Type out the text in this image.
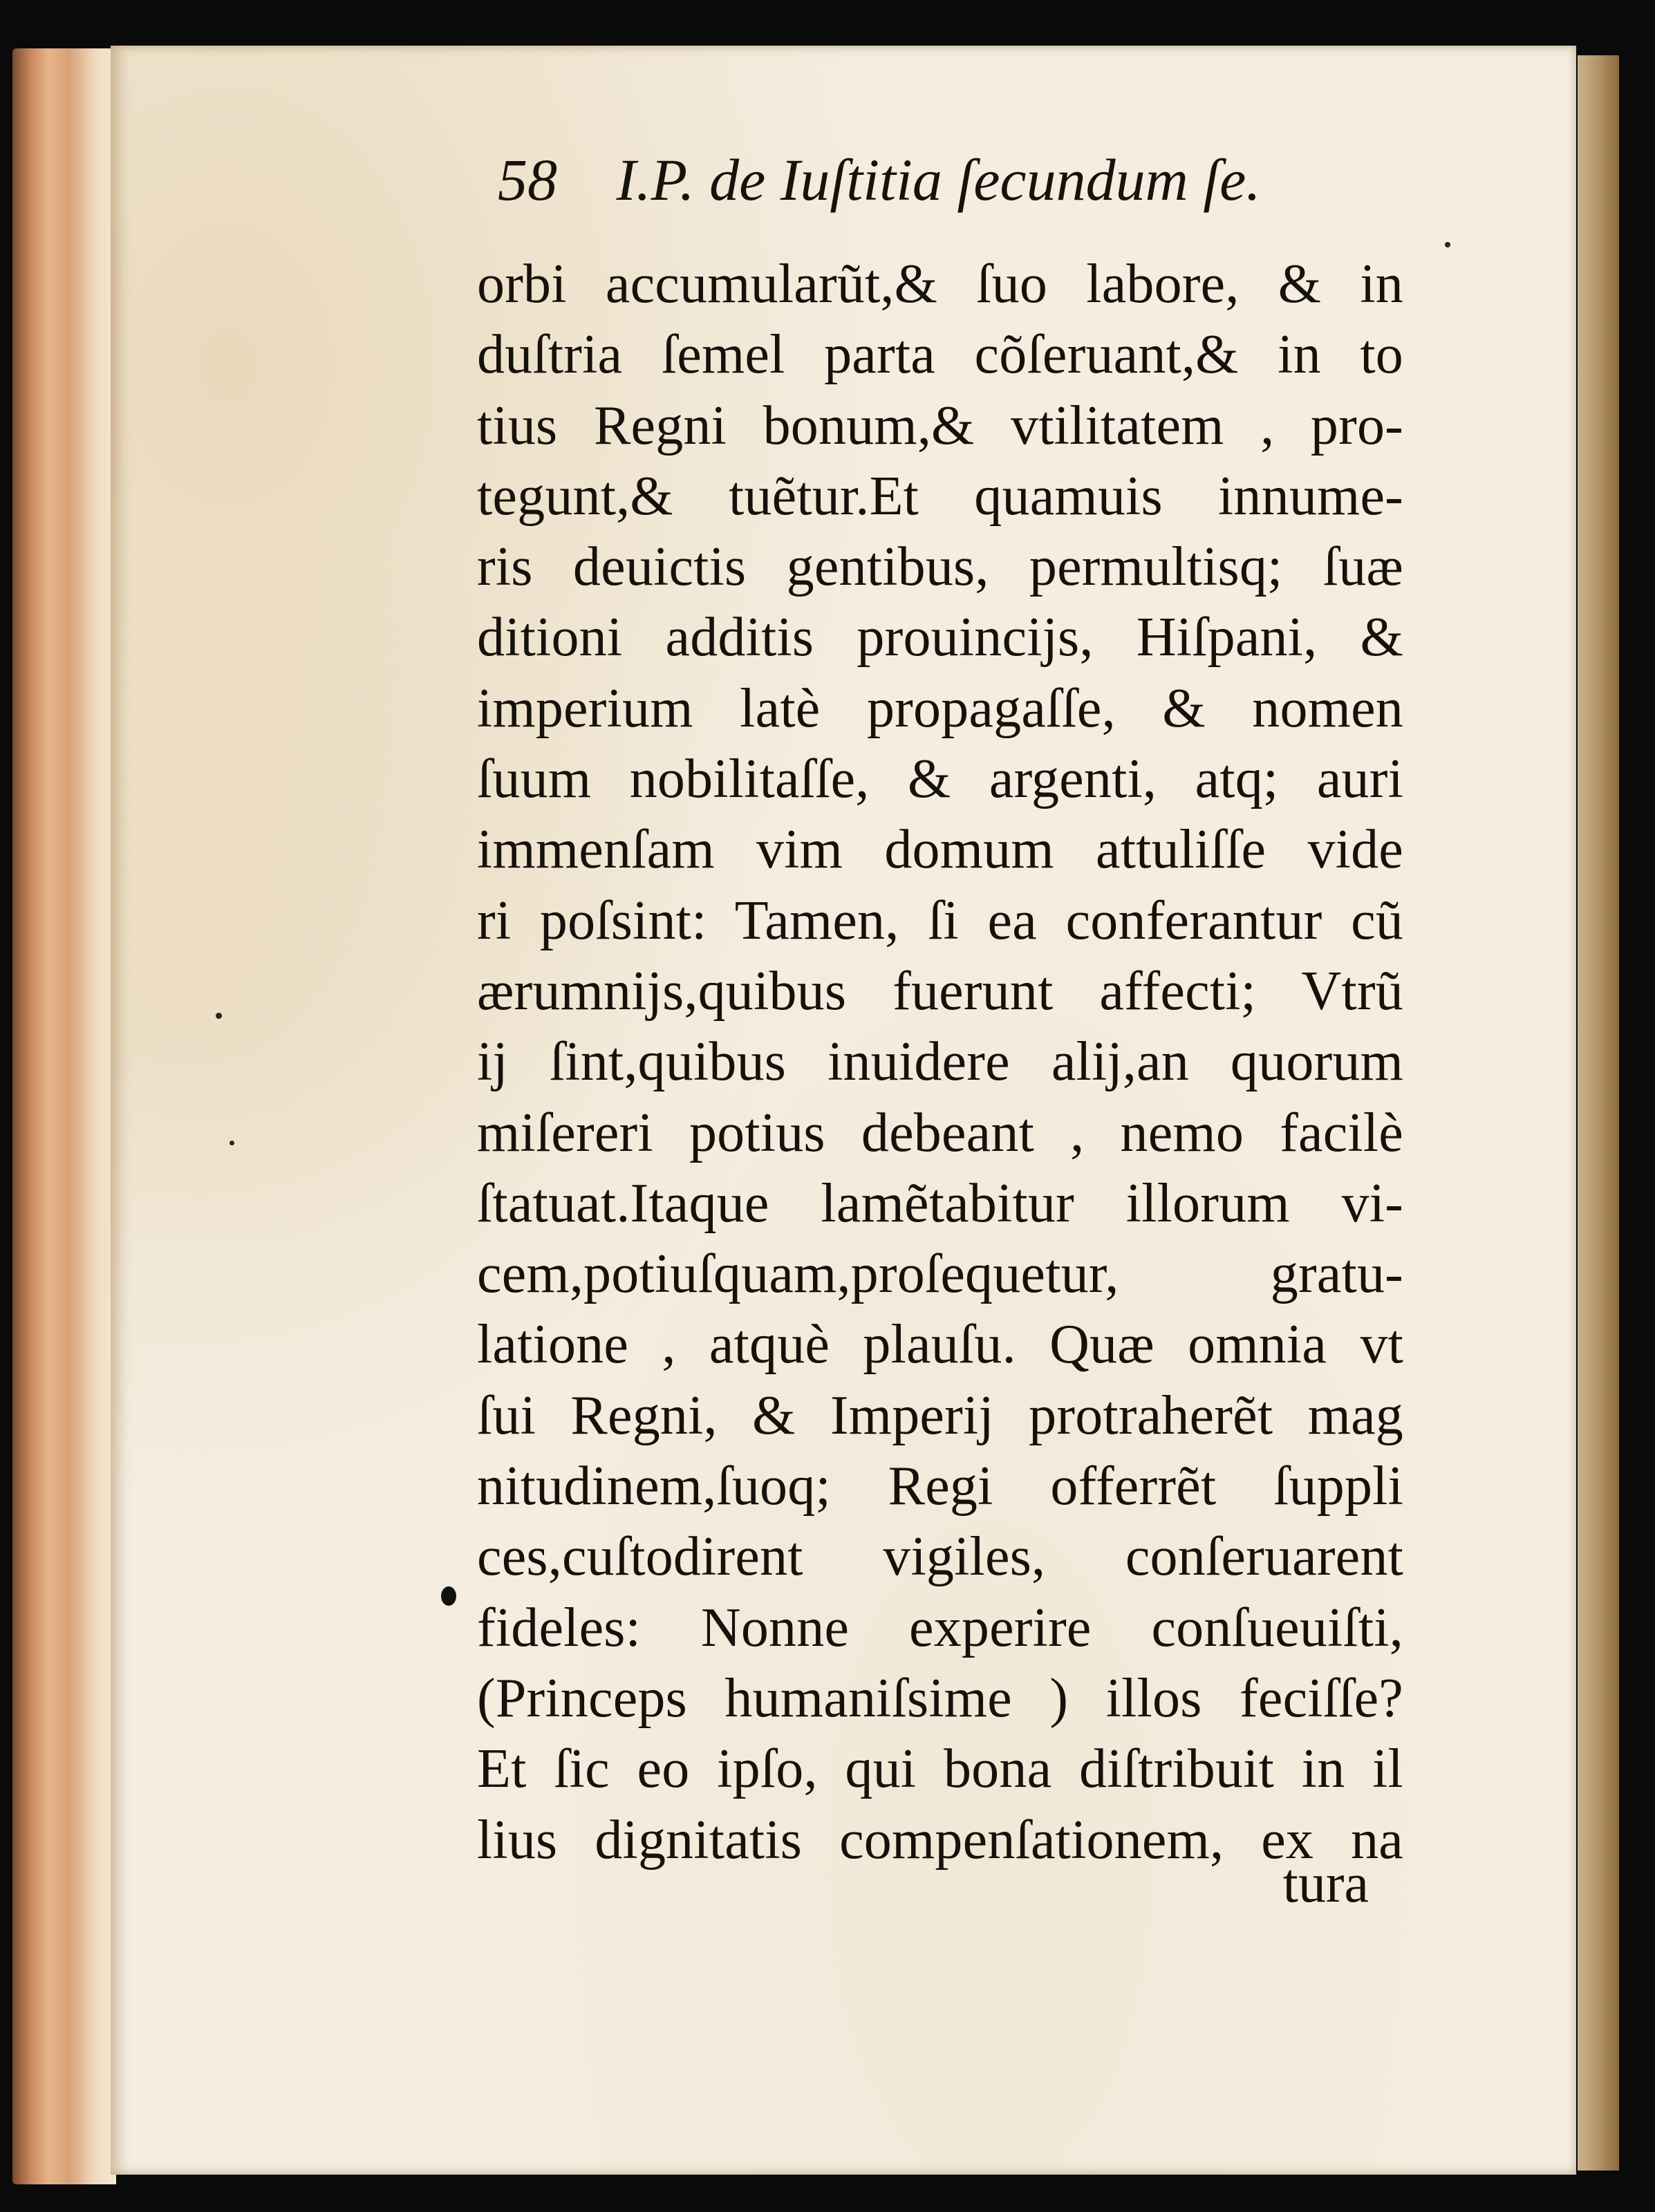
58 I.P. de Iuſtitia ſecundum ſe.
orbi accumularũt,& ſuo labore, & in
duſtria ſemel parta cõſeruant,& in to
tius Regni bonum,& vtilitatem , pro-
tegunt,& tuẽtur.Et quamuis innume-
ris deuictis gentibus, permultisq; ſuæ
ditioni additis prouincijs, Hiſpani, &
imperium latè propagaſſe, & nomen
ſuum nobilitaſſe, & argenti, atq; auri
immenſam vim domum attuliſſe vide
ri poſsint: Tamen, ſi ea conferantur cũ
ærumnijs,quibus fuerunt affecti; Vtrũ
ij ſint,quibus inuidere alij,an quorum
miſereri potius debeant , nemo facilè
ſtatuat.Itaque lamẽtabitur illorum vi-
cem,potiuſquam,proſequetur, gratu-
latione , atquè plauſu. Quæ omnia vt
ſui Regni, & Imperij protraherẽt mag
nitudinem,ſuoq; Regi offerrẽt ſuppli
ces,cuſtodirent vigiles, conſeruarent
fideles: Nonne experire conſueuiſti,
(Princeps humaniſsime ) illos feciſſe?
Et ſic eo ipſo, qui bona diſtribuit in il
lius dignitatis compenſationem, ex na
tura
